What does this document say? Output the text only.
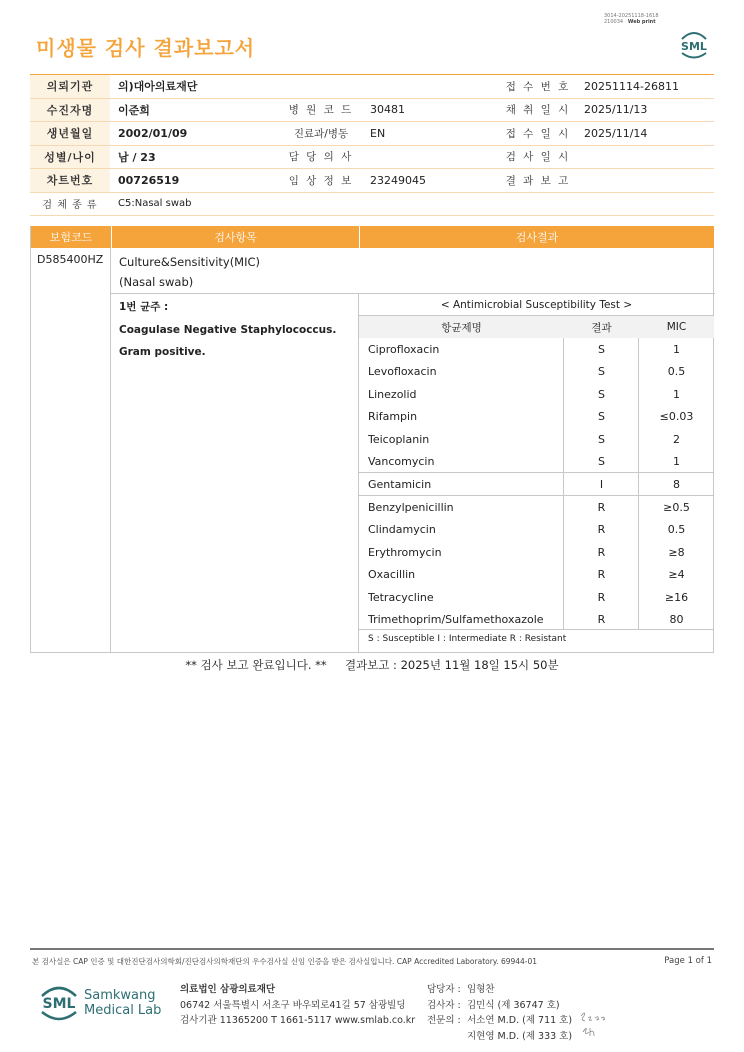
3014-20251118-1618
210034 Web print
미생물 검사 결과보고서	SML
의뢰기관	의)대아의료재단			접 수 번 호	20251114-26811
수진자명	이준희	병 원 코 드	30481	채 취 일 시	2025/11/13
생년월일	2002/01/09	진료과/병동	EN	접 수 일 시	2025/11/14
성별/나이	남 / 23	담 당 의 사		검 사 일 시	
차트번호	00726519	임 상 정 보	23249045	결 과 보 고	
검 체 종 류	C5:Nasal swab				
보험코드	검사항목	검사결과
D585400HZ Culture&Sensitivity(MIC)
(Nasal swab)
1번 균주 :
Coagulase Negative Staphylococcus.
Gram positive.
< Antimicrobial Susceptibility Test >
항균제명	결과	MIC
Ciprofloxacin	S	1
Levofloxacin	S	0.5
Linezolid	S	1
Rifampin	S	≤0.03
Teicoplanin	S	2
Vancomycin	S	1
Gentamicin	I	8
Benzylpenicillin	R	≥0.5
Clindamycin	R	0.5
Erythromycin	R	≥8
Oxacillin	R	≥4
Tetracycline	R	≥16
Trimethoprim/Sulfamethoxazole	R	80
S : Susceptible I : Intermediate R : Resistant
** 검사 보고 완료입니다. ** 결과보고 : 2025년 11월 18일 15시 50분
본 검사실은 CAP 인증 및 대한진단검사의학회/진단검사의학재단의 우수검사실 신임 인증을 받은 검사실입니다. CAP Accredited Laboratory. 69944-01	Page 1 of 1
SML
Samkwang
Medical Lab
의료법인 삼광의료재단
06742 서울특별시 서초구 바우뫼로41길 57 삼광빌딩
검사기관 11365200 T 1661-5117 www.smlab.co.kr
담당자 : 임형찬
검사자 : 김민식 (제 36747 호)
전문의 : 서소연 M.D. (제 711 호)
지현영 M.D. (제 333 호)
